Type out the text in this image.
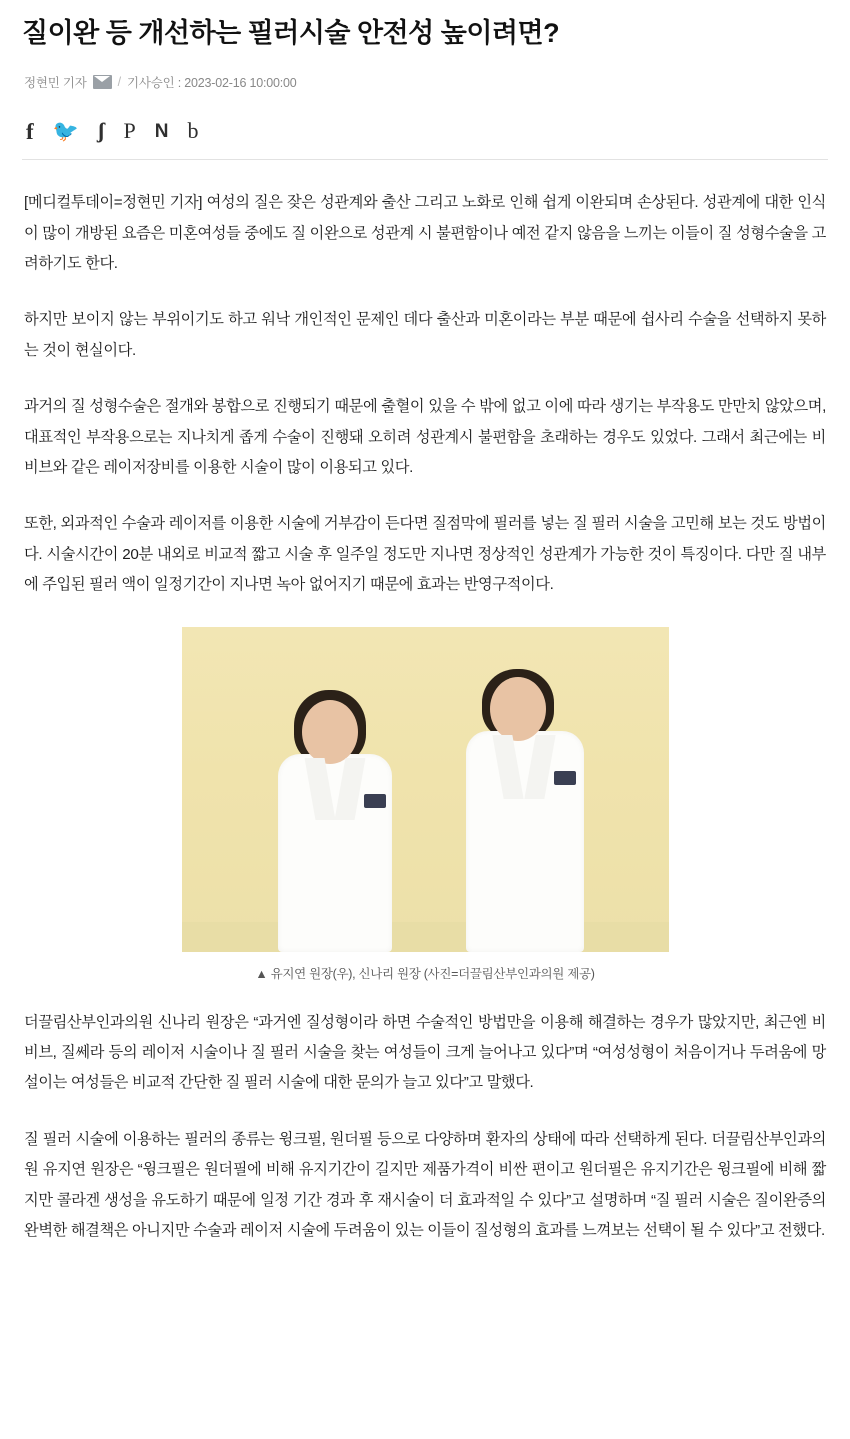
질이완 등 개선하는 필러시술 안전성 높이려면?
정현민 기자 / 기사승인 : 2023-02-16 10:00:00
f 🐦 ʃ P N b

[메디컬투데이=정현민 기자] 여성의 질은 잦은 성관계와 출산 그리고 노화로 인해 쉽게 이완되며 손상된다. 성관계에 대한 인식이 많이 개방된 요즘은 미혼여성들 중에도 질 이완으로 성관계 시 불편함이나 예전 같지 않음을 느끼는 이들이 질 성형수술을 고려하기도 한다.

하지만 보이지 않는 부위이기도 하고 워낙 개인적인 문제인 데다 출산과 미혼이라는 부분 때문에 쉽사리 수술을 선택하지 못하는 것이 현실이다.

과거의 질 성형수술은 절개와 봉합으로 진행되기 때문에 출혈이 있을 수 밖에 없고 이에 따라 생기는 부작용도 만만치 않았으며, 대표적인 부작용으로는 지나치게 좁게 수술이 진행돼 오히려 성관계시 불편함을 초래하는 경우도 있었다. 그래서 최근에는 비비브와 같은 레이저장비를 이용한 시술이 많이 이용되고 있다.

또한, 외과적인 수술과 레이저를 이용한 시술에 거부감이 든다면 질점막에 필러를 넣는 질 필러 시술을 고민해 보는 것도 방법이다. 시술시간이 20분 내외로 비교적 짧고 시술 후 일주일 정도만 지나면 정상적인 성관계가 가능한 것이 특징이다. 다만 질 내부에 주입된 필러 액이 일정기간이 지나면 녹아 없어지기 때문에 효과는 반영구적이다.

▲ 유지연 원장(우), 신나리 원장 (사진=더끌림산부인과의원 제공)

더끌림산부인과의원 신나리 원장은 “과거엔 질성형이라 하면 수술적인 방법만을 이용해 해결하는 경우가 많았지만, 최근엔 비비브, 질쎄라 등의 레이저 시술이나 질 필러 시술을 찾는 여성들이 크게 늘어나고 있다”며 “여성성형이 처음이거나 두려움에 망설이는 여성들은 비교적 간단한 질 필러 시술에 대한 문의가 늘고 있다”고 말했다.

질 필러 시술에 이용하는 필러의 종류는 윙크필, 원더필 등으로 다양하며 환자의 상태에 따라 선택하게 된다. 더끌림산부인과의원 유지연 원장은 “윙크필은 원더필에 비해 유지기간이 길지만 제품가격이 비싼 편이고 원더필은 유지기간은 윙크필에 비해 짧지만 콜라겐 생성을 유도하기 때문에 일정 기간 경과 후 재시술이 더 효과적일 수 있다”고 설명하며 “질 필러 시술은 질이완증의 완벽한 해결책은 아니지만 수술과 레이저 시술에 두려움이 있는 이들이 질성형의 효과를 느껴보는 선택이 될 수 있다”고 전했다.
